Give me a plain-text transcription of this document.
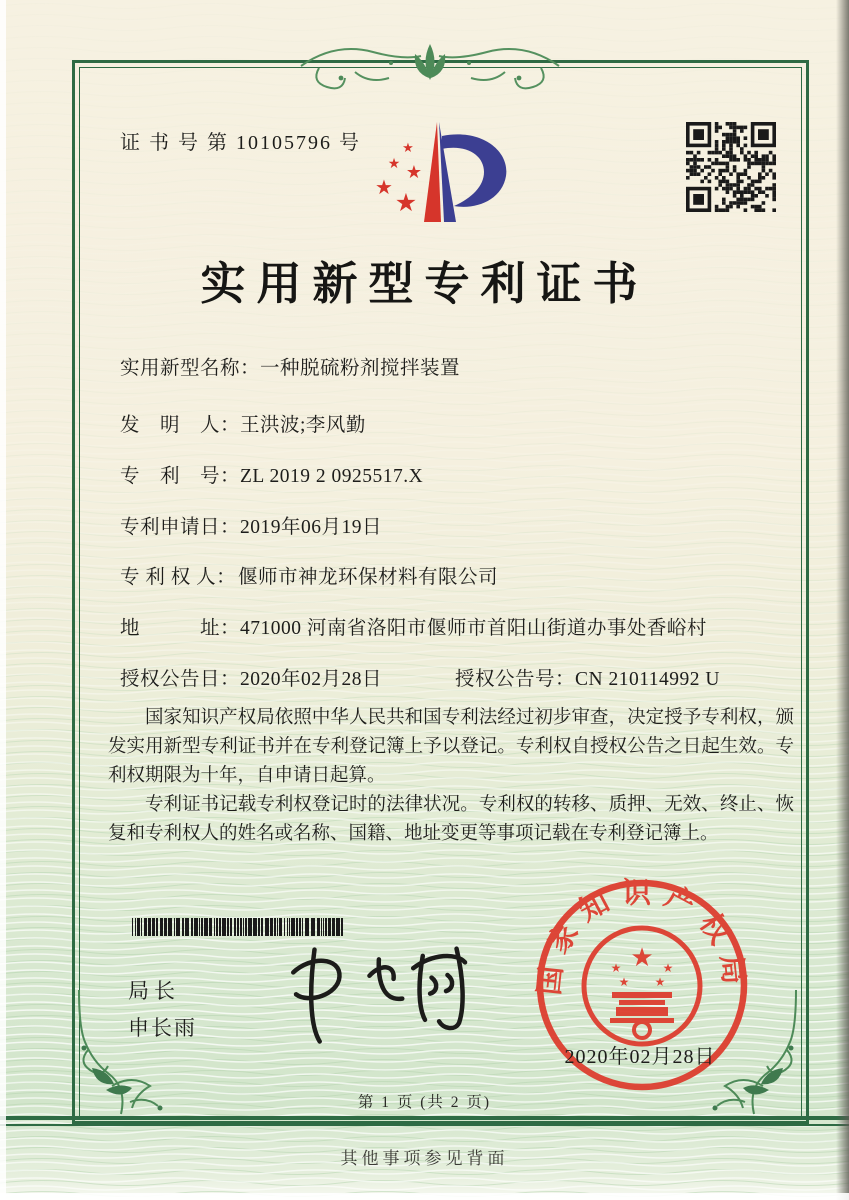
证 书 号 第 10105796 号	★
★ ★
★
★
实用新型专利证书
实用新型名称：一种脱硫粉剂搅拌装置
发　明　人：王洪波;李风勤
专　利　号：ZL 2019 2 0925517.X
专利申请日：2019年06月19日
专 利 权 人：偃师市神龙环保材料有限公司
地　　　址：471000 河南省洛阳市偃师市首阳山街道办事处香峪村
授权公告日：2020年02月28日	授权公告号：CN 210114992 U

国家知识产权局依照中华人民共和国专利法经过初步审查，决定授予专利权，颁发实用新型专利证书并在专利登记簿上予以登记。专利权自授权公告之日起生效。专利权期限为十年，自申请日起算。

专利证书记载专利权登记时的法律状况。专利权的转移、质押、无效、终止、恢复和专利权人的姓名或名称、国籍、地址变更等事项记载在专利登记簿上。

局长
申长雨
国家知识产权局
★
★	★
★ ★
2020年02月28日
第 1 页 (共 2 页)
其他事项参见背面
